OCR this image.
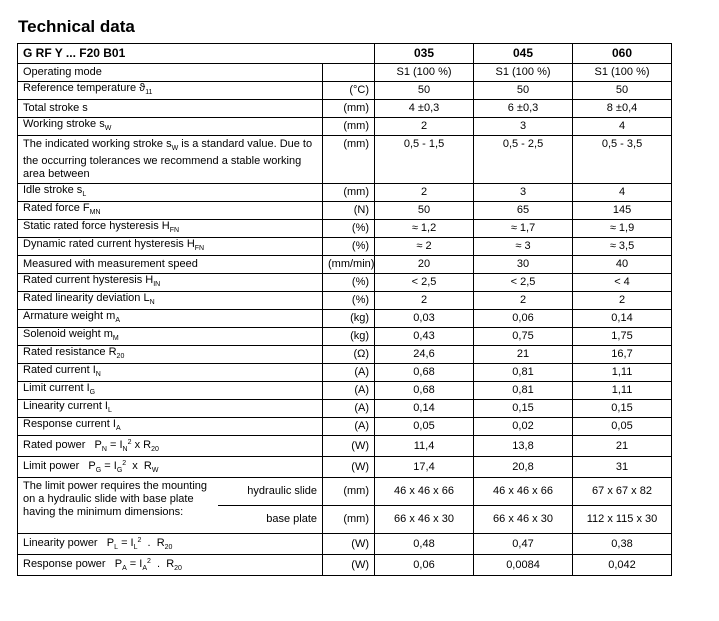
Technical data
G RF Y ... F20 B01			035	045	060
Operating mode			S1 (100 %)	S1 (100 %)	S1 (100 %)
Reference temperature $ϑ_{11}$		(°C)	50	50	50
Total stroke s		(mm)	4 ±0,3	6 ±0,3	8 ±0,4
Working stroke $s_W$		(mm)	2	3	4
The indicated working stroke $s_W$ is a standard value. Due to the occurring tolerances we recommend a stable working area between		(mm)	0,5 - 1,5	0,5 - 2,5	0,5 - 3,5
Idle stroke $s_L$		(mm)	2	3	4
Rated force $F_{MN}$		(N)	50	65	145
Static rated force hysteresis $H_{FN}$		(%)	≈ 1,2	≈ 1,7	≈ 1,9
Dynamic rated current hysteresis $H_{FN}$		(%)	≈ 2	≈ 3	≈ 3,5
Measured with measurement speed		(mm/min)	20	30	40
Rated current hysteresis $H_{IN}$		(%)	< 2,5	< 2,5	< 4
Rated linearity deviation $L_N$		(%)	2	2	2
Armature weight $m_A$		(kg)	0,03	0,06	0,14
Solenoid weight $m_M$		(kg)	0,43	0,75	1,75
Rated resistance $R_{20}$		(Ω)	24,6	21	16,7
Rated current $I_N$		(A)	0,68	0,81	1,11
Limit current $I_G$		(A)	0,68	0,81	1,11
Linearity current $I_L$		(A)	0,14	0,15	0,15
Response current $I_A$		(A)	0,05	0,02	0,05
Rated power   $P_N = I_N^2$ x $R_{20}$		(W)	11,4	13,8	21
Limit power   $P_G = I_G^2$  x  $R_W$		(W)	17,4	20,8	31
The limit power requires the mounting on a hydraulic slide with base plate having the minimum dimensions:	hydraulic slide	(mm)	46 x 46 x 66	46 x 46 x 66	67 x 67 x 82
	base plate	(mm)	66 x 46 x 30	66 x 46 x 30	112 x 115 x 30
Linearity power   $P_L = I_L^2$  .  $R_{20}$		(W)	0,48	0,47	0,38
Response power   $P_A = I_A^2$  .  $R_{20}$		(W)	0,06	0,0084	0,042
